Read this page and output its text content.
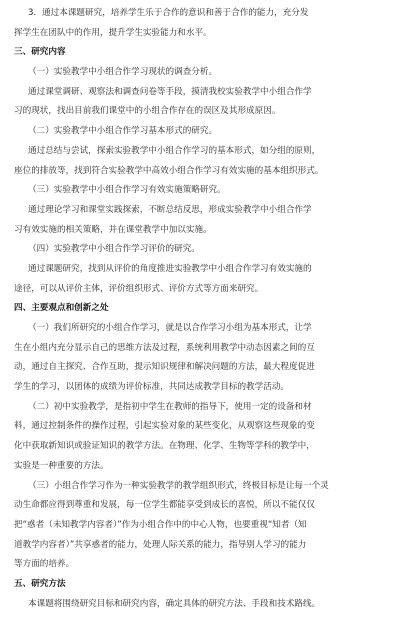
3．通过本课题研究，培养学生乐于合作的意识和善于合作的能力，充分发

挥学生在团队中的作用，提升学生实验能力和水平。

三、研究内容

（一）实验教学中小组合作学习现状的调查分析。

通过课堂调研、观察法和调查问卷等手段，摸清我校实验教学中小组合作学

习的现状，找出目前我们课堂中的小组合作存在的误区及其形成原因。

（二）实验教学中小组合作学习基本形式的研究。

通过总结与尝试，探索实验教学中小组合作学习的基本形式，如分组的原则，

座位的排放等，找到符合实验教学中高效小组合作学习有效实施的基本组织形式。

（三）实验教学中小组合作学习有效实施策略研究。

通过理论学习和课堂实践探索，不断总结反思，形成实验教学中小组合作学

习有效实施的相关策略，并在课堂教学中加以实施。

（四）实验教学中小组合作学习评价的研究。

通过课题研究，找到从评价的角度推进实验教学中小组合作学习有效实施的

途径，可以从评价主体，评价组织形式、评价方式等方面来研究。

四、主要观点和创新之处

（一）我们所研究的小组合作学习，就是以合作学习小组为基本形式，让学

生在小组内充分显示自己的思维方法及过程，系统利用教学中动态因素之间的互

动，通过自主探究、合作互助，提示知识规律和解决问题的方法，最大程度促进

学生的学习，以团体的成绩为评价标准，共同达成教学目标的教学活动。

（二）初中实验教学，是指初中学生在教师的指导下，使用一定的设备和材

料，通过控制条件的操作过程，引起实验对象的某些变化，从观察这些现象的变

化中获取新知识或验证知识的教学方法。在物理、化学、生物等学科的教学中，

实验是一种重要的方法。

（三）小组合作学习作为一种实验教学的教学组织形式，终极目标是让每一个灵

动生命都应得到尊重和发展，每一位学生都能享受到成长的喜悦，所以不能仅仅

把“惑者（未知教学内容者）”作为小组合作中的中心人物，也要重视“知者（知

道教学内容者）”共享惑者的能力，处理人际关系的能力，指导别人学习的能力

等方面的培养。

五、研究方法

本课题将围绕研究目标和研究内容，确定具体的研究方法、手段和技术路线。
